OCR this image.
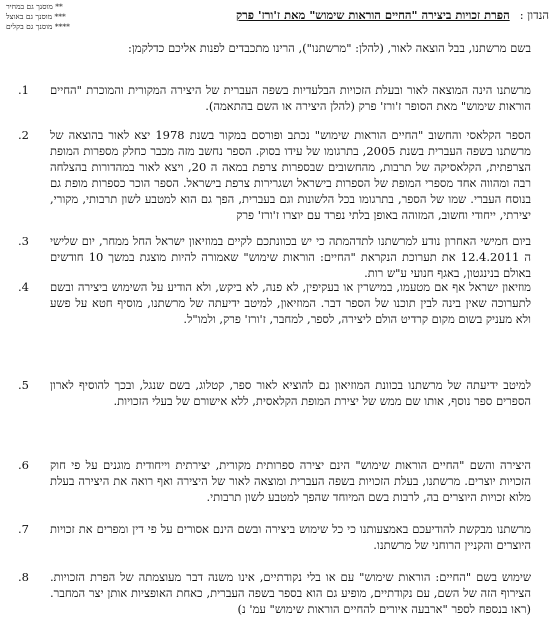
** מוסנך גם במחיר
*** מוסנך גם באוצל
**** מוסנך גם בקלים
הנדון : הפרת זכויות ביצירה "החיים הוראות שימוש" מאת ז'ורז' פרק
בשם מרשתנו, בבל הוצאה לאור, (להלן: "מרשתנו"), הרינו מתכבדים לפנות אליכם כדלקמן:
.1	מרשתנו הינה המוצאה לאור ובעלת הזכויות הבלעדיות בשפה העברית של היצירה המקורית והמוכרת "החיים הוראות שימוש" מאת הסופר ז'ורז' פרק (להלן היצירה או השם בהתאמה).
.2	הספר הקלאסי והחשוב "החיים הוראות שימוש" נכתב ופורסם במקור בשנת 1978 יצא לאור בהוצאה של מרשתנו בשפה העברית בשנת 2005, בתרגומו של עידו בסוק. הספר נחשב מזה מכבר כחלק מספרות המופת הצרפתית, הקלאסיקה של תרבות, מהחשובים שבספרות צרפת במאה ה 20, ויצא לאור במהדורות בהצלחה רבה ומהווה אחד מספרי המופת של הספרות בישראל ושגרירות צרפת בישראל. הספר הוכר כספרות מופת גם בנוסח העברי. שמו של הספר, בתרגומו בכל הלשונות וגם בעברית, הפך גם הוא למטבע לשון תרבותי, מקורי, יצירתי, ייחודי וחשוב, המזוהה באופן בלתי נפרד עם יוצרו ז'ורז' פרק
.3	ביום חמישי האחרון נודע למרשתנו לתדהמתה כי יש בכוונתכם לקיים במוזיאון ישראל החל ממחר, יום שלישי ה 12.4.2011 את תערוכת הנקראת "החיים: הוראות שימוש" שאמורה להיות מוצגת במשך 10 חודשים באולם בנינגטון, באגף חנועי ע"ש רות.
.4	מוזיאון ישראל אף אם מטעמו, במישרין או בעקיפין, לא פנה, לא ביקש, ולא הודיע על השימוש ביצירה ובשם לתערוכה שאין בינה לבין תוכנו של הספר דבר. המוזיאון, למיטב ידיעתה של מרשתנו, מוסיף חטא על פשע ולא מעניק בשום מקום קרדיט הולם ליצירה, לספר, למחבר, ז'ורז' פרק, ולמו"ל.
.5	למיטב ידיעתה של מרשתנו בכוונת המוזיאון גם להוציא לאור ספר, קטלוג, בשם שנגל, ובכך להוסיף לארון הספרים ספר נוסף, אותו שם ממש של יצירת המופת הקלאסית, ללא אישורם של בעלי הזכויות.
.6	היצירה והשם "החיים הוראות שימוש" הינם יצירה ספרותית מקורית, יצירתית וייחודית מוגנים על פי חוק הזכויות יוצרים. מרשתנו, בעלת הזכויות בשפה העברית ומוצאה לאור של היצירה ואף רואה את היצירה בעלת מלוא זכויות היוצרים בה, לרבות בשם המיוחד שהפך למטבע לשון תרבותי.
.7	מרשתנו מבקשת להודיעכם באמצעותנו כי כל שימוש ביצירה ובשם הינם אסורים על פי דין ומפרים את זכויות היוצרים והקניין הרוחני של מרשתנו.
.8	שימוש בשם "החיים: הוראות שימוש" עם או בלי נקודתיים, אינו משנה דבר מעוצמתה של הפרת הזכויות. הצירוף הזה של השם, עם נקודתיים, מופיע גם הוא בספר בשפה העברית, כאחת האופציות אותן יצר המחבר. (ראו בנספח לספר "ארבעה איורים להחיים הוראות שימוש" עמ' נ)
